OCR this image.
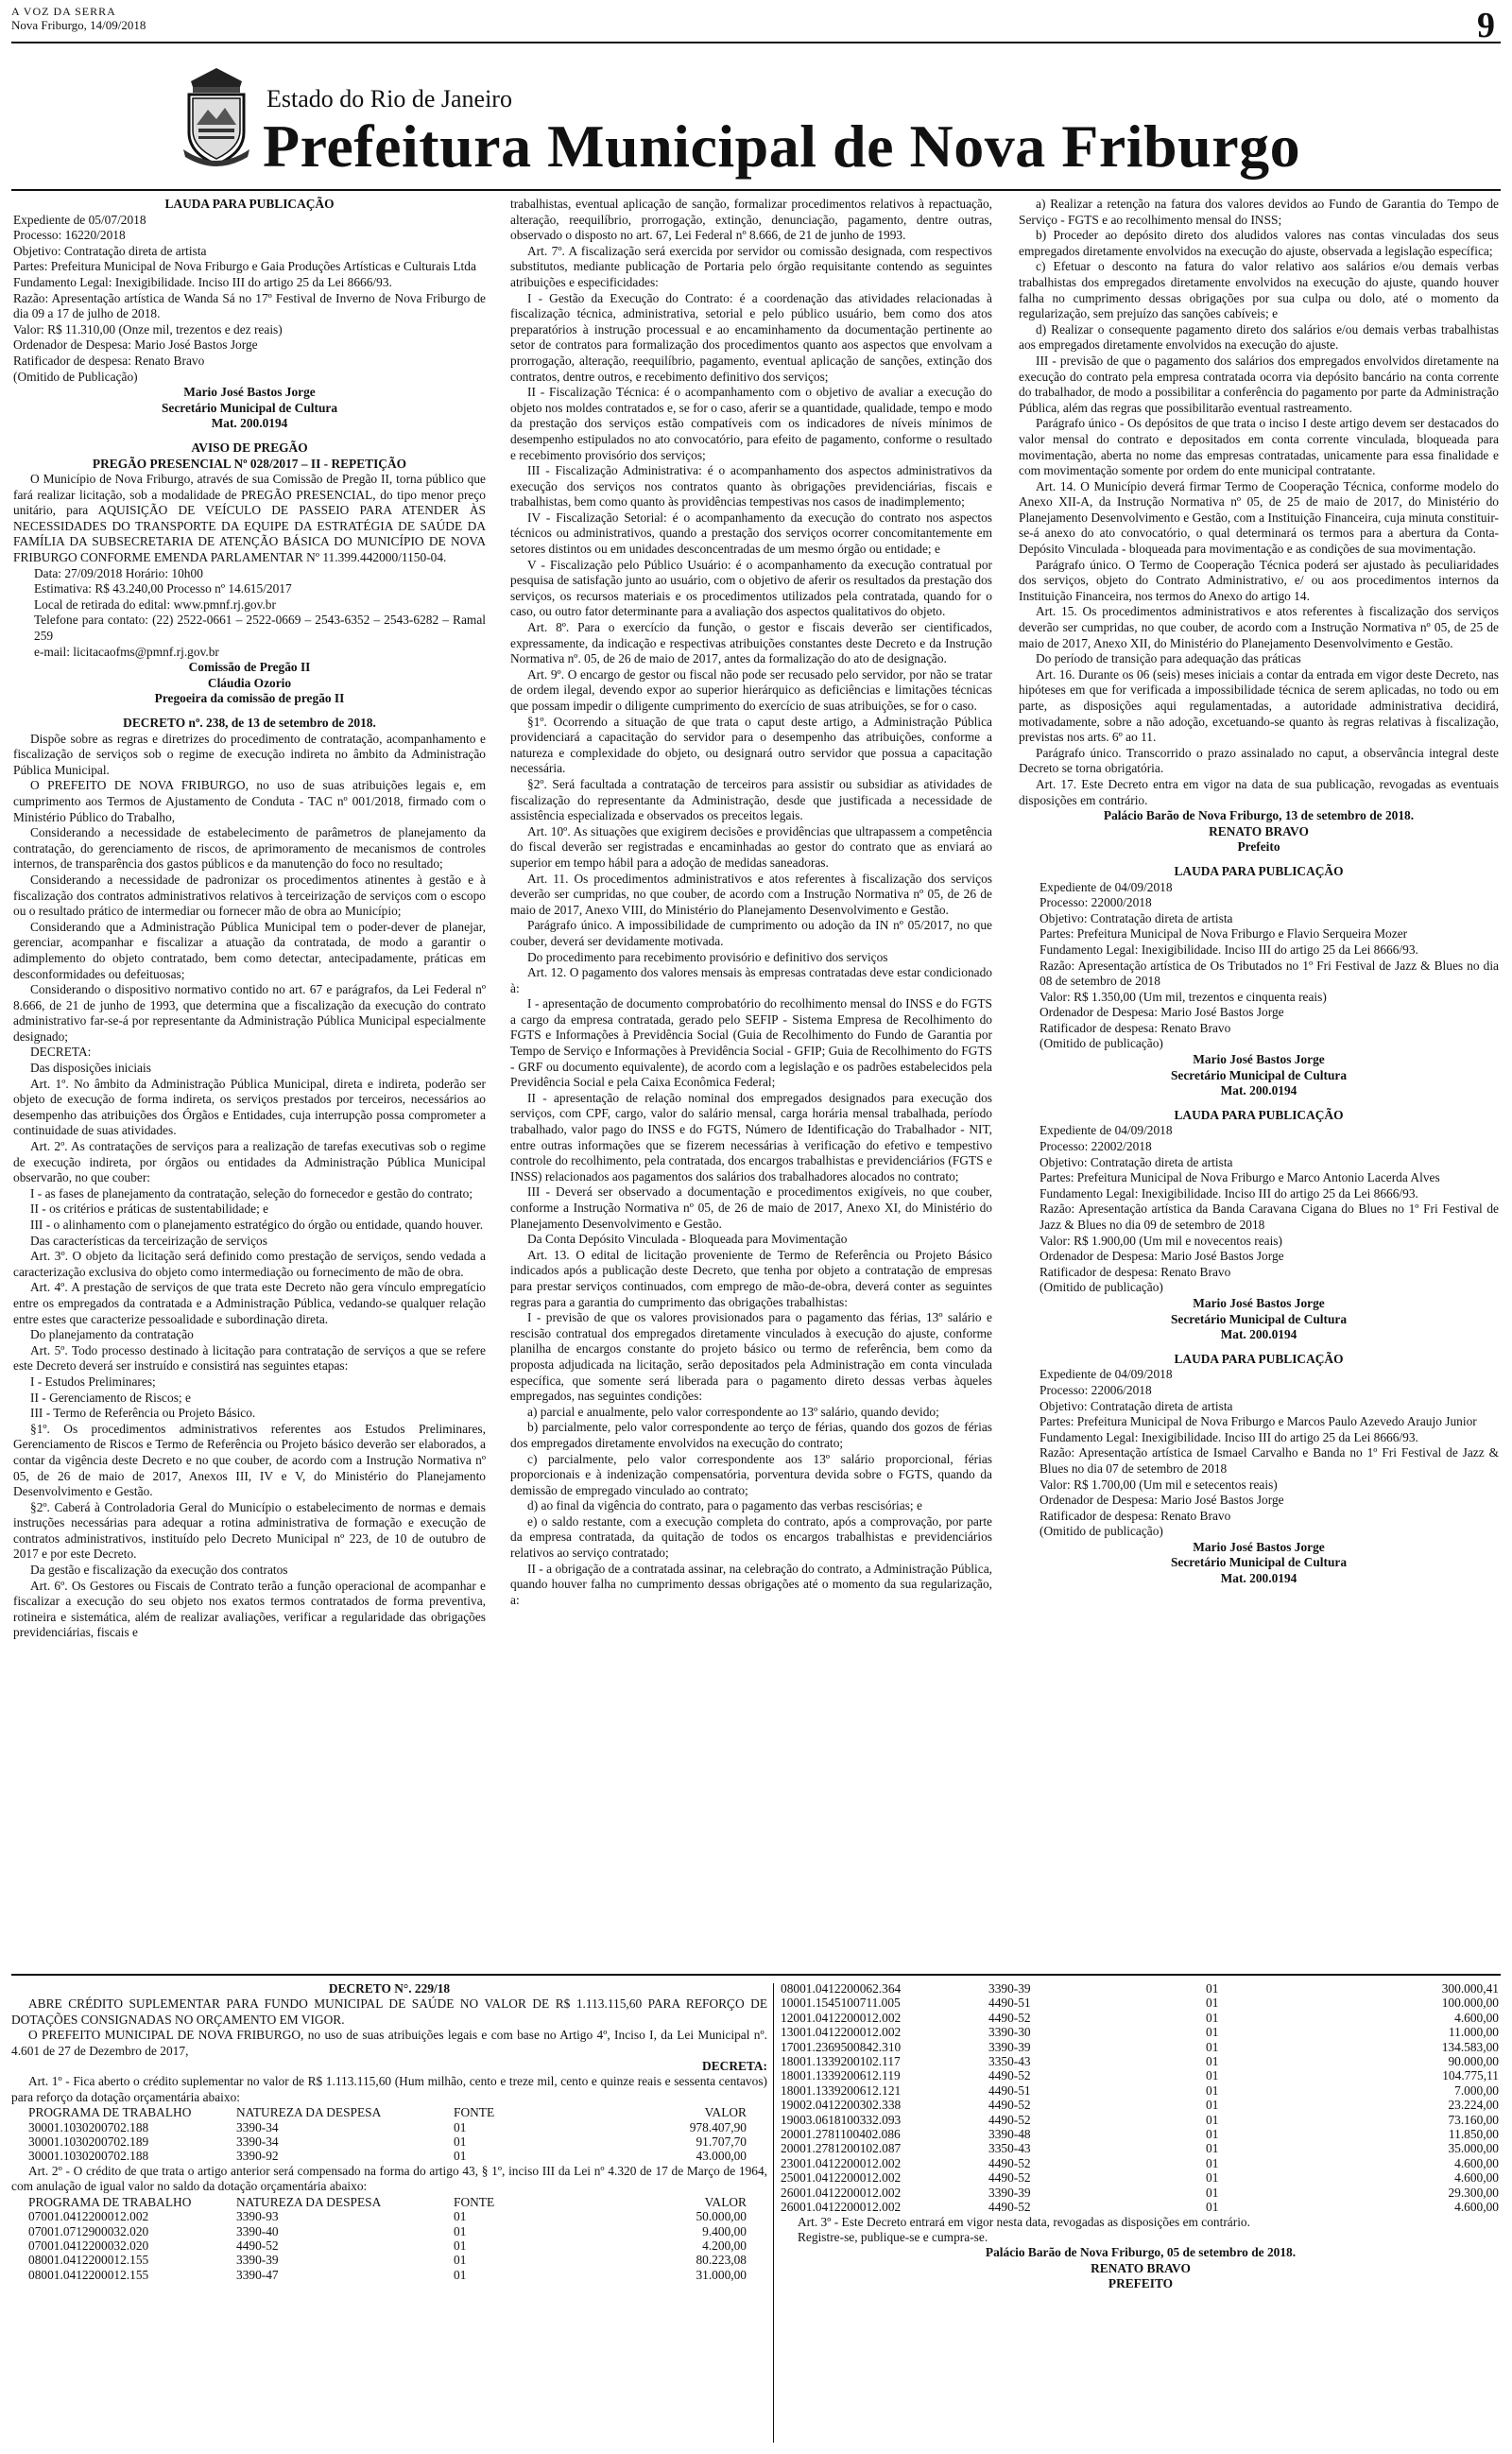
A VOZ DA SERRA
Nova Friburgo, 14/09/2018	9
Estado do Rio de Janeiro
Prefeitura Municipal de Nova Friburgo

LAUDA PARA PUBLICAÇÃO

Expediente de 05/07/2018

Processo: 16220/2018

Objetivo: Contratação direta de artista

Partes: Prefeitura Municipal de Nova Friburgo e Gaia Produções Artísticas e Culturais Ltda

Fundamento Legal: Inexigibilidade. Inciso III do artigo 25 da Lei 8666/93.

Razão: Apresentação artística de Wanda Sá no 17º Festival de Inverno de Nova Friburgo de dia 09 a 17 de julho de 2018.

Valor: R$ 11.310,00 (Onze mil, trezentos e dez reais)

Ordenador de Despesa: Mario José Bastos Jorge

Ratificador de despesa: Renato Bravo

(Omitido de Publicação)

Mario José Bastos Jorge

Secretário Municipal de Cultura

Mat. 200.0194

AVISO DE PREGÃO

PREGÃO PRESENCIAL Nº 028/2017 – II - REPETIÇÃO

O Município de Nova Friburgo, através de sua Comissão de Pregão II, torna público que fará realizar licitação, sob a modalidade de PREGÃO PRESENCIAL, do tipo menor preço unitário, para AQUISIÇÃO DE VEÍCULO DE PASSEIO PARA ATENDER ÀS NECESSIDADES DO TRANSPORTE DA EQUIPE DA ESTRATÉGIA DE SAÚDE DA FAMÍLIA DA SUBSECRETARIA DE ATENÇÃO BÁSICA DO MUNICÍPIO DE NOVA FRIBURGO CONFORME EMENDA PARLAMENTAR Nº 11.399.442000/1150-04.

Data: 27/09/2018 Horário: 10h00

Estimativa: R$ 43.240,00 Processo nº 14.615/2017

Local de retirada do edital: www.pmnf.rj.gov.br

Telefone para contato: (22) 2522-0661 – 2522-0669 – 2543-6352 – 2543-6282 – Ramal 259

e-mail: licitacaofms@pmnf.rj.gov.br

Comissão de Pregão II

Cláudia Ozorio

Pregoeira da comissão de pregão II

DECRETO nº. 238, de 13 de setembro de 2018.

Dispõe sobre as regras e diretrizes do procedimento de contratação, acompanhamento e fiscalização de serviços sob o regime de execução indireta no âmbito da Administração Pública Municipal.

O PREFEITO DE NOVA FRIBURGO, no uso de suas atribuições legais e, em cumprimento aos Termos de Ajustamento de Conduta - TAC nº 001/2018, firmado com o Ministério Público do Trabalho,

Considerando a necessidade de estabelecimento de parâmetros de planejamento da contratação, do gerenciamento de riscos, de aprimoramento de mecanismos de controles internos, de transparência dos gastos públicos e da manutenção do foco no resultado;

Considerando a necessidade de padronizar os procedimentos atinentes à gestão e à fiscalização dos contratos administrativos relativos à terceirização de serviços com o escopo ou o resultado prático de intermediar ou fornecer mão de obra ao Município;

Considerando que a Administração Pública Municipal tem o poder-dever de planejar, gerenciar, acompanhar e fiscalizar a atuação da contratada, de modo a garantir o adimplemento do objeto contratado, bem como detectar, antecipadamente, práticas em desconformidades ou defeituosas;

Considerando o dispositivo normativo contido no art. 67 e parágrafos, da Lei Federal nº 8.666, de 21 de junho de 1993, que determina que a fiscalização da execução do contrato administrativo far-se-á por representante da Administração Pública Municipal especialmente designado;

DECRETA:

Das disposições iniciais

Art. 1º. No âmbito da Administração Pública Municipal, direta e indireta, poderão ser objeto de execução de forma indireta, os serviços prestados por terceiros, necessários ao desempenho das atribuições dos Órgãos e Entidades, cuja interrupção possa comprometer a continuidade de suas atividades.

Art. 2º. As contratações de serviços para a realização de tarefas executivas sob o regime de execução indireta, por órgãos ou entidades da Administração Pública Municipal observarão, no que couber:

I - as fases de planejamento da contratação, seleção do fornecedor e gestão do contrato;

II - os critérios e práticas de sustentabilidade; e

III - o alinhamento com o planejamento estratégico do órgão ou entidade, quando houver.

Das características da terceirização de serviços

Art. 3º. O objeto da licitação será definido como prestação de serviços, sendo vedada a caracterização exclusiva do objeto como intermediação ou fornecimento de mão de obra.

Art. 4º. A prestação de serviços de que trata este Decreto não gera vínculo empregatício entre os empregados da contratada e a Administração Pública, vedando-se qualquer relação entre estes que caracterize pessoalidade e subordinação direta.

Do planejamento da contratação

Art. 5º. Todo processo destinado à licitação para contratação de serviços a que se refere este Decreto deverá ser instruído e consistirá nas seguintes etapas:

I - Estudos Preliminares;

II - Gerenciamento de Riscos; e

III - Termo de Referência ou Projeto Básico.

§1º. Os procedimentos administrativos referentes aos Estudos Preliminares, Gerenciamento de Riscos e Termo de Referência ou Projeto básico deverão ser elaborados, a contar da vigência deste Decreto e no que couber, de acordo com a Instrução Normativa nº 05, de 26 de maio de 2017, Anexos III, IV e V, do Ministério do Planejamento Desenvolvimento e Gestão.

§2º. Caberá à Controladoria Geral do Município o estabelecimento de normas e demais instruções necessárias para adequar a rotina administrativa de formação e execução de contratos administrativos, instituído pelo Decreto Municipal nº 223, de 10 de outubro de 2017 e por este Decreto.

Da gestão e fiscalização da execução dos contratos

Art. 6º. Os Gestores ou Fiscais de Contrato terão a função operacional de acompanhar e fiscalizar a execução do seu objeto nos exatos termos contratados de forma preventiva, rotineira e sistemática, além de realizar avaliações, verificar a regularidade das obrigações previdenciárias, fiscais e

trabalhistas, eventual aplicação de sanção, formalizar procedimentos relativos à repactuação, alteração, reequilíbrio, prorrogação, extinção, denunciação, pagamento, dentre outras, observado o disposto no art. 67, Lei Federal nº 8.666, de 21 de junho de 1993.

Art. 7º. A fiscalização será exercida por servidor ou comissão designada, com respectivos substitutos, mediante publicação de Portaria pelo órgão requisitante contendo as seguintes atribuições e especificidades:

I - Gestão da Execução do Contrato: é a coordenação das atividades relacionadas à fiscalização técnica, administrativa, setorial e pelo público usuário, bem como dos atos preparatórios à instrução processual e ao encaminhamento da documentação pertinente ao setor de contratos para formalização dos procedimentos quanto aos aspectos que envolvam a prorrogação, alteração, reequilíbrio, pagamento, eventual aplicação de sanções, extinção dos contratos, dentre outros, e recebimento definitivo dos serviços;

II - Fiscalização Técnica: é o acompanhamento com o objetivo de avaliar a execução do objeto nos moldes contratados e, se for o caso, aferir se a quantidade, qualidade, tempo e modo da prestação dos serviços estão compatíveis com os indicadores de níveis mínimos de desempenho estipulados no ato convocatório, para efeito de pagamento, conforme o resultado e recebimento provisório dos serviços;

III - Fiscalização Administrativa: é o acompanhamento dos aspectos administrativos da execução dos serviços nos contratos quanto às obrigações previdenciárias, fiscais e trabalhistas, bem como quanto às providências tempestivas nos casos de inadimplemento;

IV - Fiscalização Setorial: é o acompanhamento da execução do contrato nos aspectos técnicos ou administrativos, quando a prestação dos serviços ocorrer concomitantemente em setores distintos ou em unidades desconcentradas de um mesmo órgão ou entidade; e

V - Fiscalização pelo Público Usuário: é o acompanhamento da execução contratual por pesquisa de satisfação junto ao usuário, com o objetivo de aferir os resultados da prestação dos serviços, os recursos materiais e os procedimentos utilizados pela contratada, quando for o caso, ou outro fator determinante para a avaliação dos aspectos qualitativos do objeto.

Art. 8º. Para o exercício da função, o gestor e fiscais deverão ser cientificados, expressamente, da indicação e respectivas atribuições constantes deste Decreto e da Instrução Normativa nº. 05, de 26 de maio de 2017, antes da formalização do ato de designação.

Art. 9º. O encargo de gestor ou fiscal não pode ser recusado pelo servidor, por não se tratar de ordem ilegal, devendo expor ao superior hierárquico as deficiências e limitações técnicas que possam impedir o diligente cumprimento do exercício de suas atribuições, se for o caso.

§1º. Ocorrendo a situação de que trata o caput deste artigo, a Administração Pública providenciará a capacitação do servidor para o desempenho das atribuições, conforme a natureza e complexidade do objeto, ou designará outro servidor que possua a capacitação necessária.

§2º. Será facultada a contratação de terceiros para assistir ou subsidiar as atividades de fiscalização do representante da Administração, desde que justificada a necessidade de assistência especializada e observados os preceitos legais.

Art. 10º. As situações que exigirem decisões e providências que ultrapassem a competência do fiscal deverão ser registradas e encaminhadas ao gestor do contrato que as enviará ao superior em tempo hábil para a adoção de medidas saneadoras.

Art. 11. Os procedimentos administrativos e atos referentes à fiscalização dos serviços deverão ser cumpridas, no que couber, de acordo com a Instrução Normativa nº 05, de 26 de maio de 2017, Anexo VIII, do Ministério do Planejamento Desenvolvimento e Gestão.

Parágrafo único. A impossibilidade de cumprimento ou adoção da IN nº 05/2017, no que couber, deverá ser devidamente motivada.

Do procedimento para recebimento provisório e definitivo dos serviços

Art. 12. O pagamento dos valores mensais às empresas contratadas deve estar condicionado à:

I - apresentação de documento comprobatório do recolhimento mensal do INSS e do FGTS a cargo da empresa contratada, gerado pelo SEFIP - Sistema Empresa de Recolhimento do FGTS e Informações à Previdência Social (Guia de Recolhimento do Fundo de Garantia por Tempo de Serviço e Informações à Previdência Social - GFIP; Guia de Recolhimento do FGTS - GRF ou documento equivalente), de acordo com a legislação e os padrões estabelecidos pela Previdência Social e pela Caixa Econômica Federal;

II - apresentação de relação nominal dos empregados designados para execução dos serviços, com CPF, cargo, valor do salário mensal, carga horária mensal trabalhada, período trabalhado, valor pago do INSS e do FGTS, Número de Identificação do Trabalhador - NIT, entre outras informações que se fizerem necessárias à verificação do efetivo e tempestivo controle do recolhimento, pela contratada, dos encargos trabalhistas e previdenciários (FGTS e INSS) relacionados aos pagamentos dos salários dos trabalhadores alocados no contrato;

III - Deverá ser observado a documentação e procedimentos exigíveis, no que couber, conforme a Instrução Normativa nº 05, de 26 de maio de 2017, Anexo XI, do Ministério do Planejamento Desenvolvimento e Gestão.

Da Conta Depósito Vinculada - Bloqueada para Movimentação

Art. 13. O edital de licitação proveniente de Termo de Referência ou Projeto Básico indicados após a publicação deste Decreto, que tenha por objeto a contratação de empresas para prestar serviços continuados, com emprego de mão-de-obra, deverá conter as seguintes regras para a garantia do cumprimento das obrigações trabalhistas:

I - previsão de que os valores provisionados para o pagamento das férias, 13º salário e rescisão contratual dos empregados diretamente vinculados à execução do ajuste, conforme planilha de encargos constante do projeto básico ou termo de referência, bem como da proposta adjudicada na licitação, serão depositados pela Administração em conta vinculada específica, que somente será liberada para o pagamento direto dessas verbas àqueles empregados, nas seguintes condições:

a) parcial e anualmente, pelo valor correspondente ao 13º salário, quando devido;

b) parcialmente, pelo valor correspondente ao terço de férias, quando dos gozos de férias dos empregados diretamente envolvidos na execução do contrato;

c) parcialmente, pelo valor correspondente aos 13º salário proporcional, férias proporcionais e à indenização compensatória, porventura devida sobre o FGTS, quando da demissão de empregado vinculado ao contrato;

d) ao final da vigência do contrato, para o pagamento das verbas rescisórias; e

e) o saldo restante, com a execução completa do contrato, após a comprovação, por parte da empresa contratada, da quitação de todos os encargos trabalhistas e previdenciários relativos ao serviço contratado;

II - a obrigação de a contratada assinar, na celebração do contrato, a Administração Pública, quando houver falha no cumprimento dessas obrigações até o momento da sua regularização, a:

a) Realizar a retenção na fatura dos valores devidos ao Fundo de Garantia do Tempo de Serviço - FGTS e ao recolhimento mensal do INSS;

b) Proceder ao depósito direto dos aludidos valores nas contas vinculadas dos seus empregados diretamente envolvidos na execução do ajuste, observada a legislação específica;

c) Efetuar o desconto na fatura do valor relativo aos salários e/ou demais verbas trabalhistas dos empregados diretamente envolvidos na execução do ajuste, quando houver falha no cumprimento dessas obrigações por sua culpa ou dolo, até o momento da regularização, sem prejuízo das sanções cabíveis; e

d) Realizar o consequente pagamento direto dos salários e/ou demais verbas trabalhistas aos empregados diretamente envolvidos na execução do ajuste.

III - previsão de que o pagamento dos salários dos empregados envolvidos diretamente na execução do contrato pela empresa contratada ocorra via depósito bancário na conta corrente do trabalhador, de modo a possibilitar a conferência do pagamento por parte da Administração Pública, além das regras que possibilitarão eventual rastreamento.

Parágrafo único - Os depósitos de que trata o inciso I deste artigo devem ser destacados do valor mensal do contrato e depositados em conta corrente vinculada, bloqueada para movimentação, aberta no nome das empresas contratadas, unicamente para essa finalidade e com movimentação somente por ordem do ente municipal contratante.

Art. 14. O Município deverá firmar Termo de Cooperação Técnica, conforme modelo do Anexo XII-A, da Instrução Normativa nº 05, de 25 de maio de 2017, do Ministério do Planejamento Desenvolvimento e Gestão, com a Instituição Financeira, cuja minuta constituir-se-á anexo do ato convocatório, o qual determinará os termos para a abertura da Conta-Depósito Vinculada - bloqueada para movimentação e as condições de sua movimentação.

Parágrafo único. O Termo de Cooperação Técnica poderá ser ajustado às peculiaridades dos serviços, objeto do Contrato Administrativo, e/ ou aos procedimentos internos da Instituição Financeira, nos termos do Anexo do artigo 14.

Art. 15. Os procedimentos administrativos e atos referentes à fiscalização dos serviços deverão ser cumpridas, no que couber, de acordo com a Instrução Normativa nº 05, de 25 de maio de 2017, Anexo XII, do Ministério do Planejamento Desenvolvimento e Gestão.

Do período de transição para adequação das práticas

Art. 16. Durante os 06 (seis) meses iniciais a contar da entrada em vigor deste Decreto, nas hipóteses em que for verificada a impossibilidade técnica de serem aplicadas, no todo ou em parte, as disposições aqui regulamentadas, a autoridade administrativa decidirá, motivadamente, sobre a não adoção, excetuando-se quanto às regras relativas à fiscalização, previstas nos arts. 6º ao 11.

Parágrafo único. Transcorrido o prazo assinalado no caput, a observância integral deste Decreto se torna obrigatória.

Art. 17. Este Decreto entra em vigor na data de sua publicação, revogadas as eventuais disposições em contrário.

Palácio Barão de Nova Friburgo, 13 de setembro de 2018.

RENATO BRAVO

Prefeito

LAUDA PARA PUBLICAÇÃO

Expediente de 04/09/2018

Processo: 22000/2018

Objetivo: Contratação direta de artista

Partes: Prefeitura Municipal de Nova Friburgo e Flavio Serqueira Mozer

Fundamento Legal: Inexigibilidade. Inciso III do artigo 25 da Lei 8666/93.

Razão: Apresentação artística de Os Tributados no 1º Fri Festival de Jazz & Blues no dia 08 de setembro de 2018

Valor: R$ 1.350,00 (Um mil, trezentos e cinquenta reais)

Ordenador de Despesa: Mario José Bastos Jorge

Ratificador de despesa: Renato Bravo

(Omitido de publicação)

Mario José Bastos Jorge

Secretário Municipal de Cultura

Mat. 200.0194

LAUDA PARA PUBLICAÇÃO

Expediente de 04/09/2018

Processo: 22002/2018

Objetivo: Contratação direta de artista

Partes: Prefeitura Municipal de Nova Friburgo e Marco Antonio Lacerda Alves

Fundamento Legal: Inexigibilidade. Inciso III do artigo 25 da Lei 8666/93.

Razão: Apresentação artística da Banda Caravana Cigana do Blues no 1º Fri Festival de Jazz & Blues no dia 09 de setembro de 2018

Valor: R$ 1.900,00 (Um mil e novecentos reais)

Ordenador de Despesa: Mario José Bastos Jorge

Ratificador de despesa: Renato Bravo

(Omitido de publicação)

Mario José Bastos Jorge

Secretário Municipal de Cultura

Mat. 200.0194

LAUDA PARA PUBLICAÇÃO

Expediente de 04/09/2018

Processo: 22006/2018

Objetivo: Contratação direta de artista

Partes: Prefeitura Municipal de Nova Friburgo e Marcos Paulo Azevedo Araujo Junior

Fundamento Legal: Inexigibilidade. Inciso III do artigo 25 da Lei 8666/93.

Razão: Apresentação artística de Ismael Carvalho e Banda no 1º Fri Festival de Jazz & Blues no dia 07 de setembro de 2018

Valor: R$ 1.700,00 (Um mil e setecentos reais)

Ordenador de Despesa: Mario José Bastos Jorge

Ratificador de despesa: Renato Bravo

(Omitido de publicação)

Mario José Bastos Jorge

Secretário Municipal de Cultura

Mat. 200.0194

DECRETO N°. 229/18

ABRE CRÉDITO SUPLEMENTAR PARA FUNDO MUNICIPAL DE SAÚDE NO VALOR DE R$ 1.113.115,60 PARA REFORÇO DE DOTAÇÕES CONSIGNADAS NO ORÇAMENTO EM VIGOR.

O PREFEITO MUNICIPAL DE NOVA FRIBURGO, no uso de suas atribuições legais e com base no Artigo 4º, Inciso I, da Lei Municipal nº. 4.601 de 27 de Dezembro de 2017,

DECRETA:

Art. 1º - Fica aberto o crédito suplementar no valor de R$ 1.113.115,60 (Hum milhão, cento e treze mil, cento e quinze reais e sessenta centavos) para reforço da dotação orçamentária abaixo:

PROGRAMA DE TRABALHO	NATUREZA DA DESPESA	FONTE	VALOR
30001.1030200702.188	3390-34	01	978.407,90
30001.1030200702.189	3390-34	01	91.707,70
30001.1030200702.188	3390-92	01	43.000,00

Art. 2º - O crédito de que trata o artigo anterior será compensado na forma do artigo 43, § 1º, inciso III da Lei nº 4.320 de 17 de Março de 1964, com anulação de igual valor no saldo da dotação orçamentária abaixo:

PROGRAMA DE TRABALHO	NATUREZA DA DESPESA	FONTE	VALOR
07001.0412200012.002	3390-93	01	50.000,00
07001.0712900032.020	3390-40	01	9.400,00
07001.0412200032.020	4490-52	01	4.200,00
08001.0412200012.155	3390-39	01	80.223,08
08001.0412200012.155	3390-47	01	31.000,00
08001.0412200062.364	3390-39	01	300.000,41
10001.1545100711.005	4490-51	01	100.000,00
12001.0412200012.002	4490-52	01	4.600,00
13001.0412200012.002	3390-30	01	11.000,00
17001.2369500842.310	3390-39	01	134.583,00
18001.1339200102.117	3350-43	01	90.000,00
18001.1339200612.119	4490-52	01	104.775,11
18001.1339200612.121	4490-51	01	7.000,00
19002.0412200302.338	4490-52	01	23.224,00
19003.0618100332.093	4490-52	01	73.160,00
20001.2781100402.086	3390-48	01	11.850,00
20001.2781200102.087	3350-43	01	35.000,00
23001.0412200012.002	4490-52	01	4.600,00
25001.0412200012.002	4490-52	01	4.600,00
26001.0412200012.002	3390-39	01	29.300,00
26001.0412200012.002	4490-52	01	4.600,00

Art. 3º - Este Decreto entrará em vigor nesta data, revogadas as disposições em contrário.

Registre-se, publique-se e cumpra-se.

Palácio Barão de Nova Friburgo, 05 de setembro de 2018.

RENATO BRAVO

PREFEITO
